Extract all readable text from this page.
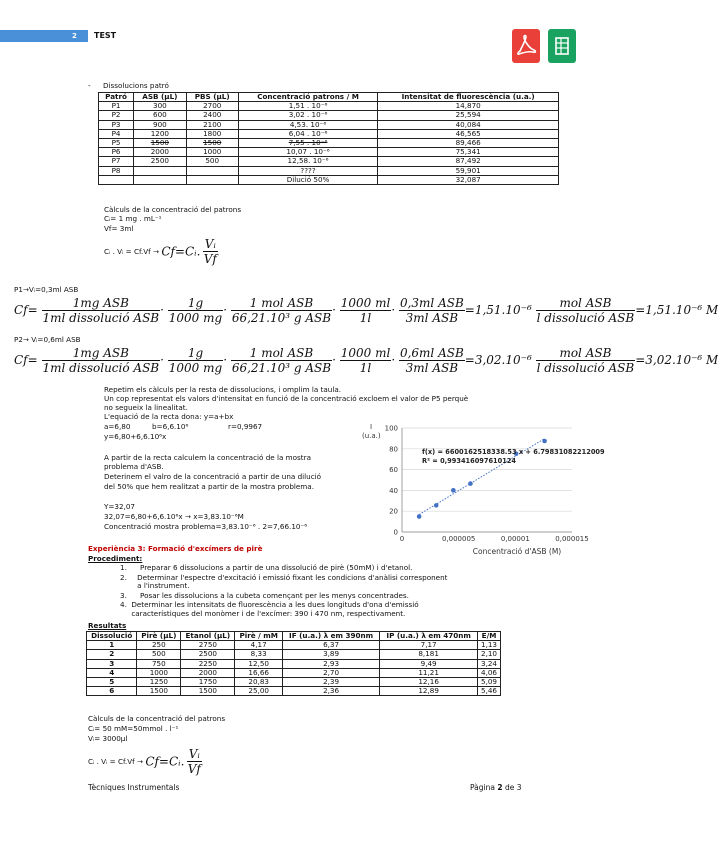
2 TEST
- Dissolucions patró
Patró	ASB (μL)	PBS (μL)	Concentració patrons / M	Intensitat de fluorescència (u.a.)
P1	300	2700	1,51 . 10⁻⁶	14,870
P2	600	2400	3,02 . 10⁻⁶	25,594
P3	900	2100	4,53. 10⁻⁶	40,084
P4	1200	1800	6,04 . 10⁻⁶	46,565
P5	1500	1500	7,55 . 10⁻⁶	89,466
P6	2000	1000	10,07 . 10⁻⁶	75,341
P7	2500	500	12,58. 10⁻⁶	87,492
P8			????	59,901
			Dilució 50%	32,087
Càlculs de la concentració del patrons
Cᵢ= 1 mg . mL⁻¹
Vf= 3ml
Cᵢ . Vᵢ = Cf.Vf → Cf=Cᵢ. $\frac{\text{Vᵢ}}{Vf}$
P1→Vᵢ=0,3ml ASB
$Cf= \frac{\text{1mg ASB}}{\text{1ml dissolució ASB}} \cdot \frac{1g}{1000 mg} \cdot \frac{\text{1 mol ASB}}{\text{66,21.10³ g ASB}} \cdot \frac{1000 ml}{1l} \cdot \frac{\text{0,3ml ASB}}{\text{3ml ASB}} =1,51.10^{-6} \frac{\text{mol ASB}}{\text{l dissolució ASB}} =1,51.10^{-6}$ M
P2→ Vᵢ=0,6ml ASB
$Cf= \frac{\text{1mg ASB}}{\text{1ml dissolució ASB}} \cdot \frac{1g}{1000 mg} \cdot \frac{\text{1 mol ASB}}{\text{66,21.10³ g ASB}} \cdot \frac{1000 ml}{1l} \cdot \frac{\text{0,6ml ASB}}{\text{3ml ASB}} =3,02.10^{-6} \frac{\text{mol ASB}}{\text{l dissolució ASB}} =3,02.10^{-6}$ M
Repetim els càlculs per la resta de dissolucions, i omplim la taula.
Un cop representat els valors d'intensitat en funció de la concentració excloem el valor de P5 perquè
no segueix la linealitat.
L'equació de la recta dona: y=a+bx
a=6,80	b=6,6.10⁶	r=0,9967
y=6,80+6,6.10⁶x
A partir de la recta calculem la concentració de la mostra
problema d'ASB.
Deterinem el valro de la concentració a partir de una dilució
del 50% que hem realitzat a partir de la mostra problema.
Y=32,07
32,07=6,80+6,6.10⁶x → x=3,83.10⁻⁶M
Concentració mostra problema=3,83.10⁻⁶ . 2=7,66.10⁻⁶
0
20
40
60
80
100
0	0,000005	0,00001	0,000015
I
(u.a.)
Concentració d'ASB (M)
f(x) = 6600162518338.53 x + 6.79831082212009
R² = 0,993416097610124
Experiència 3: Formació d'excímers de pirè
Procediment:
1.	Preparar 6 dissolucions a partir de una dissolució de pirè (50mM) i d'etanol.
2.	Determinar l'espectre d'excitació i emissió fixant les condicions d'anàlisi corresponent a l'instrument.
3.	Posar les dissolucions a la cubeta començant per les menys concentrades.
4. Determinar les intensitats de fluorescència a les dues longituds d'ona d'emissió característiques del monòmer i de l'excímer: 390 i 470 nm, respectivament.
Resultats
Dissolució	Pirè (μL)	Etanol (μL)	Pirè / mM	IF (u.a.) λ em 390nm	IP (u.a.) λ em 470nm	E/M
1	250	2750	4,17	6,37	7,17	1,13
2	500	2500	8,33	3,89	8,181	2,10
3	750	2250	12,50	2,93	9,49	3,24
4	1000	2000	16,66	2,70	11,21	4,06
5	1250	1750	20,83	2,39	12,16	5,09
6	1500	1500	25,00	2,36	12,89	5,46
Càlculs de la concentració del patrons
Cᵢ= 50 mM=50mmol . l⁻¹
Vᵢ= 3000μl
Cᵢ . Vᵢ = Cf.Vf → Cf=Cᵢ. $\frac{\text{Vᵢ}}{Vf}$
Tècniques Instrumentals	Pàgina 2 de 3
